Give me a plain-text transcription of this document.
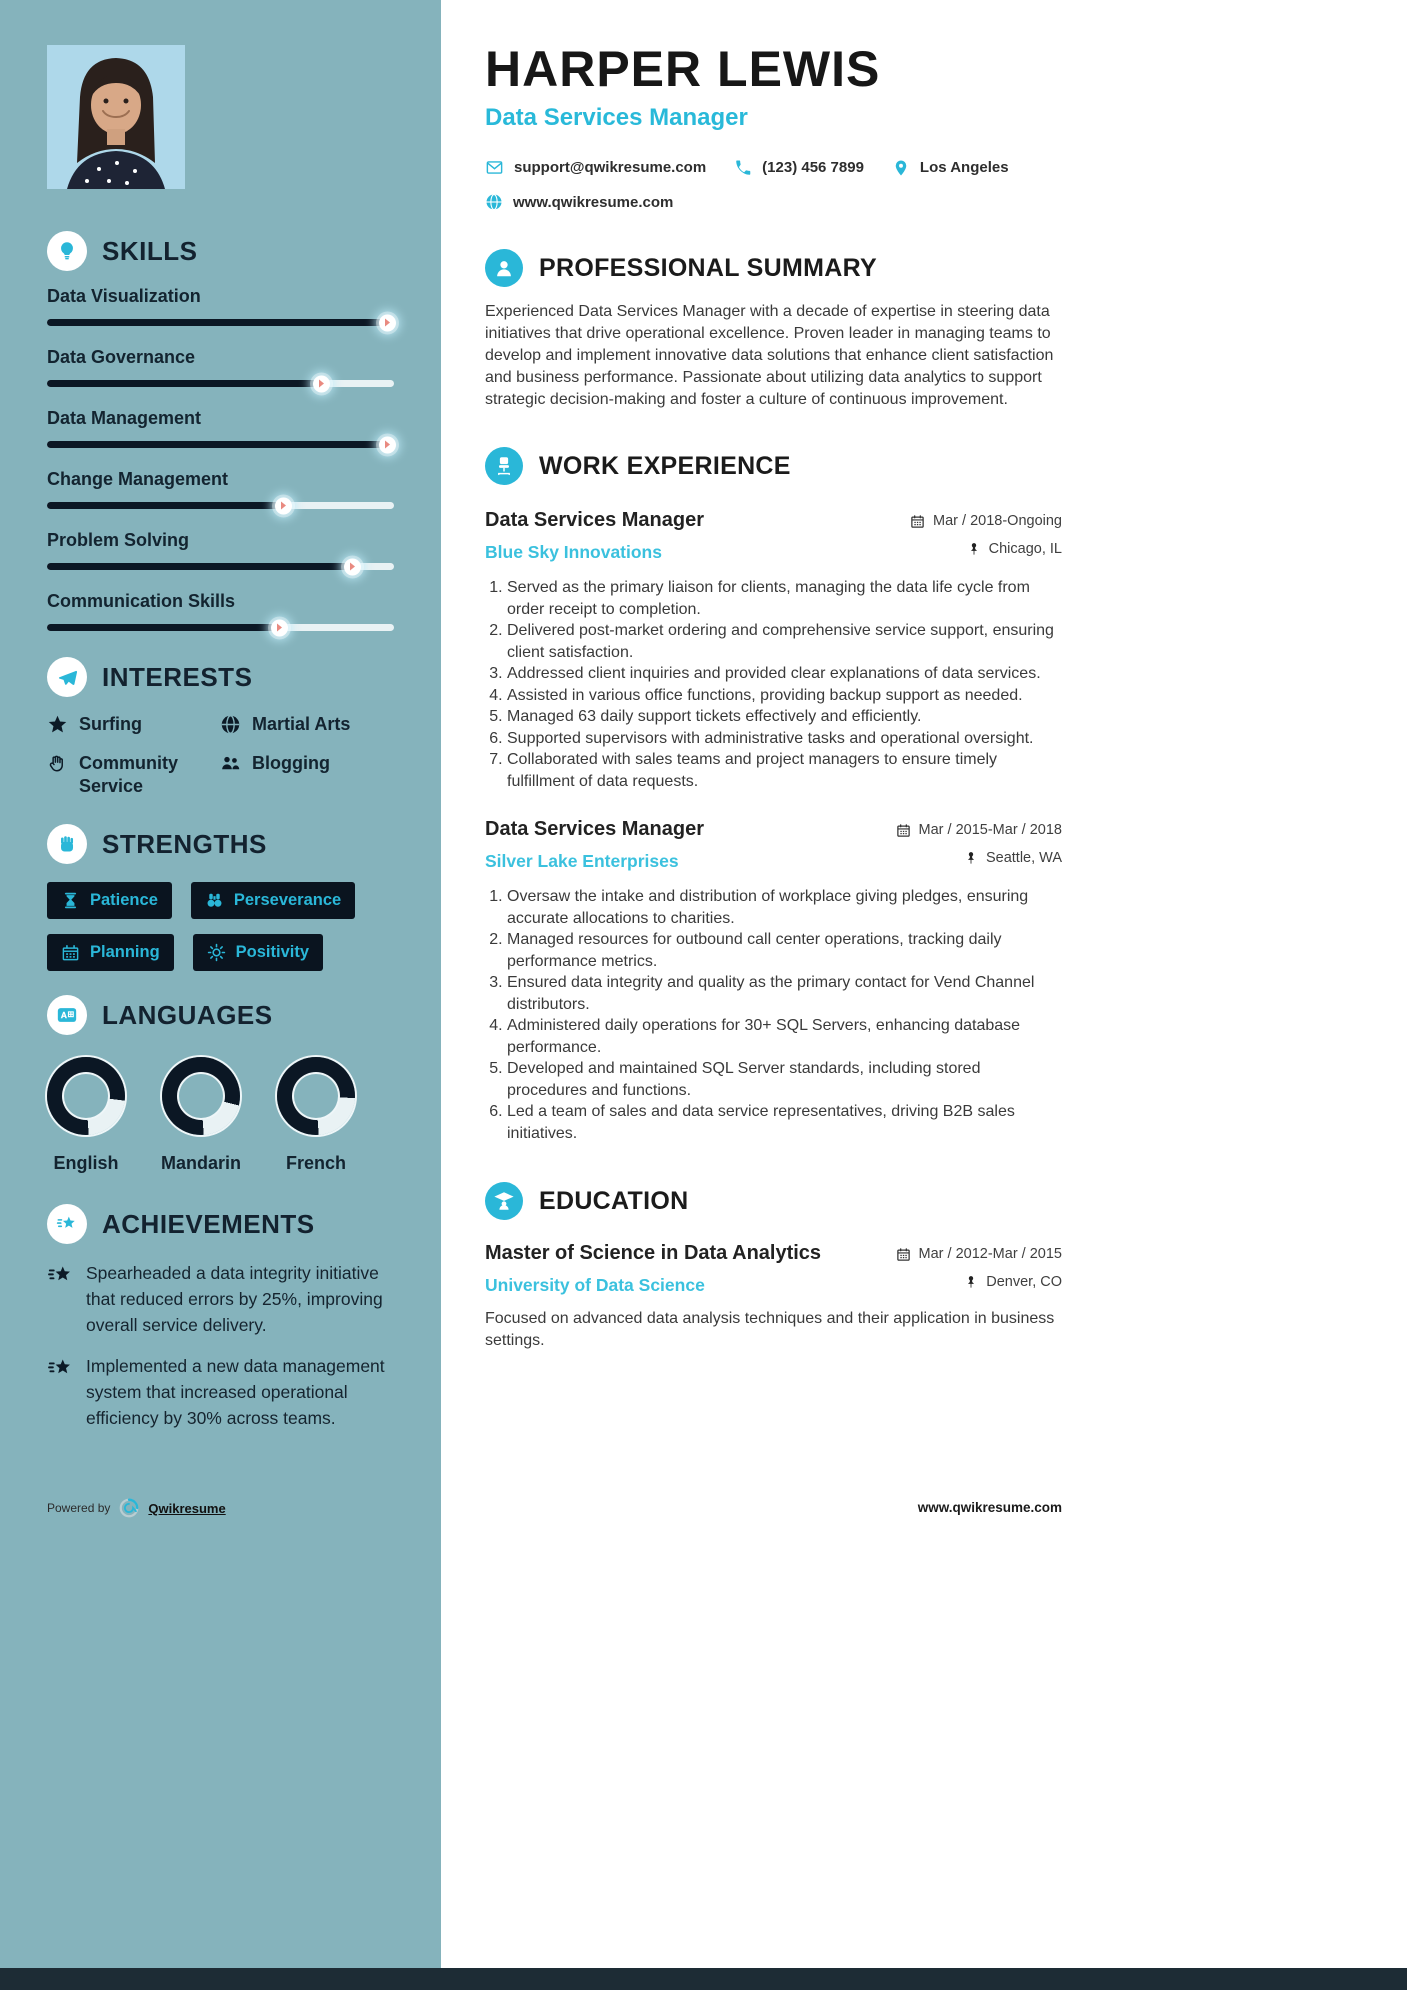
SKILLS
Data Visualization
Data Governance
Data Management
Change Management
Problem Solving
Communication Skills
INTERESTS
Surfing	Martial Arts
Community Service
Blogging
STRENGTHS
Patience	Perseverance
Planning	Positivity
LANGUAGES
English Mandarin French
ACHIEVEMENTS
Spearheaded a data integrity initiative that reduced errors by 25%, improving overall service delivery.
Implemented a new data management system that increased operational efficiency by 30% across teams.
HARPER LEWIS
Data Services Manager
support@qwikresume.com	(123) 456 7899	Los Angeles
www.qwikresume.com
PROFESSIONAL SUMMARY

Experienced Data Services Manager with a decade of expertise in steering data initiatives that drive operational excellence. Proven leader in managing teams to develop and implement innovative data solutions that enhance client satisfaction and business performance. Passionate about utilizing data analytics to support strategic decision-making and foster a culture of continuous improvement.

WORK EXPERIENCE
Data Services Manager
Blue Sky Innovations
Mar / 2018-Ongoing
Chicago, IL
1. Served as the primary liaison for clients, managing the data life cycle from order receipt to completion.
2. Delivered post-market ordering and comprehensive service support, ensuring client satisfaction.
3. Addressed client inquiries and provided clear explanations of data services.
4. Assisted in various office functions, providing backup support as needed.
5. Managed 63 daily support tickets effectively and efficiently.
6. Supported supervisors with administrative tasks and operational oversight.
7. Collaborated with sales teams and project managers to ensure timely fulfillment of data requests.
Data Services Manager
Silver Lake Enterprises
Mar / 2015-Mar / 2018
Seattle, WA
1. Oversaw the intake and distribution of workplace giving pledges, ensuring accurate allocations to charities.
2. Managed resources for outbound call center operations, tracking daily performance metrics.
3. Ensured data integrity and quality as the primary contact for Vend Channel distributors.
4. Administered daily operations for 30+ SQL Servers, enhancing database performance.
5. Developed and maintained SQL Server standards, including stored procedures and functions.
6. Led a team of sales and data service representatives, driving B2B sales initiatives.
EDUCATION
Master of Science in Data Analytics
University of Data Science
Mar / 2012-Mar / 2015
Denver, CO

Focused on advanced data analysis techniques and their application in business settings.

Powered by	Qwikresume	www.qwikresume.com
